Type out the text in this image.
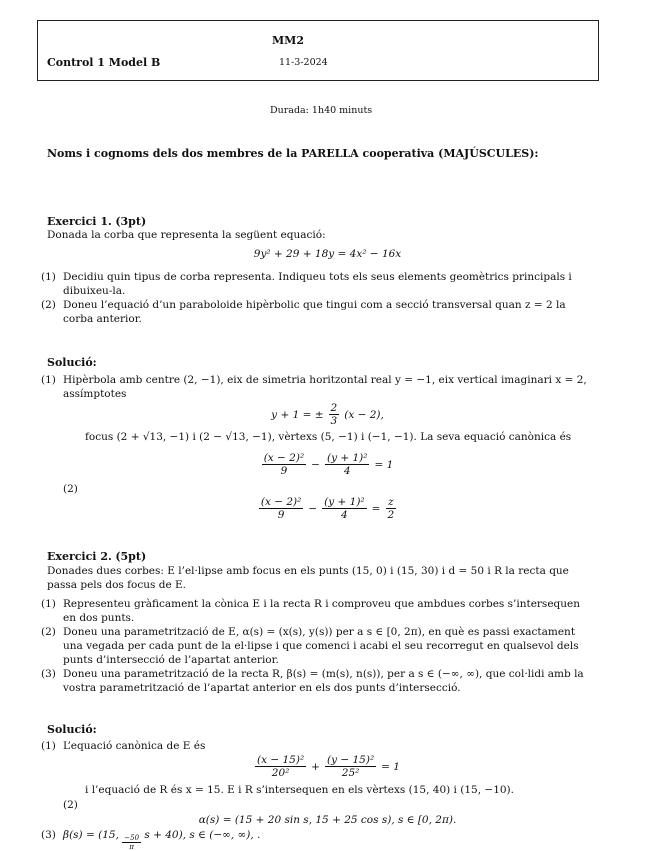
MM2
Control 1 Model B	11-3-2024
Durada: 1h40 minuts
Noms i cognoms dels dos membres de la PARELLA cooperativa (MAJÚSCULES):
Exercici 1. (3pt)
Donada la corba que representa la següent equació:
9y² + 29 + 18y = 4x² − 16x
(1) Decidiu quin tipus de corba representa. Indiqueu tots els seus elements geomètrics principals i dibuixeu-la.
(2) Doneu l’equació d’un paraboloide hipèrbolic que tingui com a secció transversal quan z = 2 la corba anterior.
Solució:
(1) Hipèrbola amb centre (2, −1), eix de simetria horitzontal real y = −1, eix vertical imaginari x = 2, assímptotes
y + 1 = ± $\frac{2}{3} (x - 2)$,
focus (2 + √13, −1) i (2 − √13, −1), vèrtexs (5, −1) i (−1, −1). La seva equació canònica és
$\frac{\text{(x − 2)²}}{9} - \frac{\text{(y + 1)²}}{4} = 1$
(2)
$\frac{\text{(x − 2)²}}{9} - \frac{\text{(y + 1)²}}{4} = \frac{z}{2}$
Exercici 2. (5pt)
Donades dues corbes: E l’el·lipse amb focus en els punts (15, 0) i (15, 30) i d = 50 i R la recta que passa pels dos focus de E.
(1) Representeu gràficament la cònica E i la recta R i comproveu que ambdues corbes s’intersequen en dos punts.
(2) Doneu una parametrització de E, α(s) = (x(s), y(s)) per a s ∈ [0, 2π), en què es passi exactament una vegada per cada punt de la el·lipse i que comenci i acabi el seu recorregut en qualsevol dels punts d’intersecció de l’apartat anterior.
(3) Doneu una parametrització de la recta R, β(s) = (m(s), n(s)), per a s ∈ (−∞, ∞), que col·lidi amb la vostra parametrització de l’apartat anterior en els dos punts d’intersecció.
Solució:
(1) L’equació canònica de E és
$\frac{\text{(x − 15)²}}{\text{20²}} + \frac{\text{(y − 15)²}}{\text{25²}} = 1$
i l’equació de R és x = 15. E i R s’intersequen en els vèrtexs (15, 40) i (15, −10).
(2)
α(s) = (15 + 20 sin s, 15 + 25 cos s), s ∈ [0, 2π).
(3) β(s) = (15, $\frac{-50}{\pi}$ s + 40), s ∈ (−∞, ∞), .
